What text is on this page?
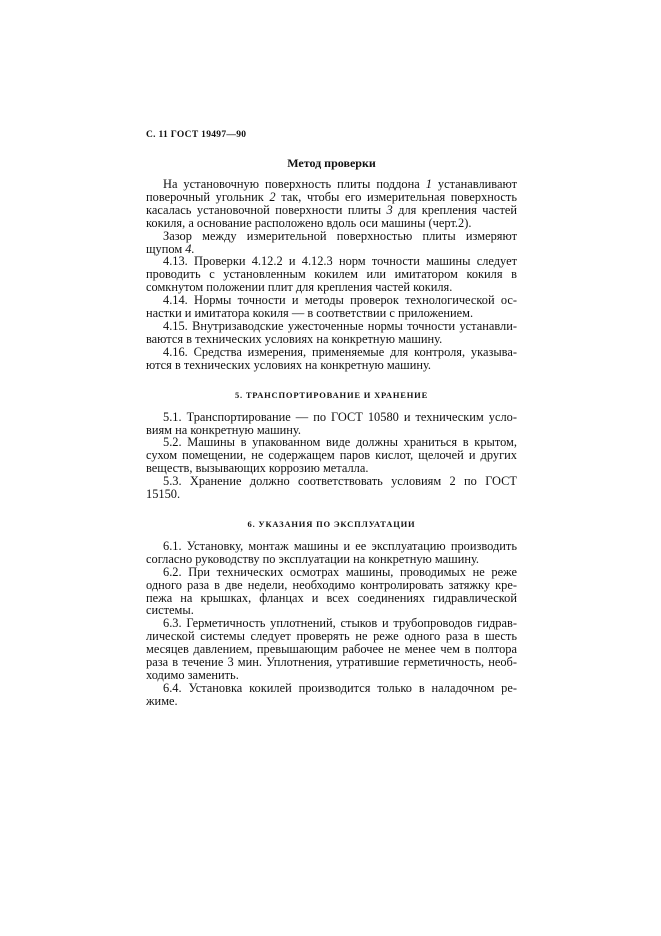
С. 11 ГОСТ 19497—90
Метод проверки

На установочную поверхность плиты поддона 1 устанавливают поверочный угольник 2 так, чтобы его измерительная поверхность касалась установочной поверхности плиты 3 для крепления частей кокиля, а основание расположено вдоль оси машины (черт.2).

Зазор между измерительной поверхностью плиты измеряют щупом 4.

4.13. Проверки 4.12.2 и 4.12.3 норм точности машины следует проводить с установленным кокилем или имитатором кокиля в сомкнутом положении плит для крепления частей кокиля.

4.14. Нормы точности и методы проверок технологической оснастки и имитатора кокиля — в соответствии с приложением.

4.15. Внутризаводские ужесточенные нормы точности устанавливаются в технических условиях на конкретную машину.

4.16. Средства измерения, применяемые для контроля, указываются в технических условиях на конкретную машину.

5. ТРАНСПОРТИРОВАНИЕ И ХРАНЕНИЕ

5.1. Транспортирование — по ГОСТ 10580 и техническим условиям на конкретную машину.

5.2. Машины в упакованном виде должны храниться в крытом, сухом помещении, не содержащем паров кислот, щелочей и других веществ, вызывающих коррозию металла.

5.3. Хранение должно соответствовать условиям 2 по ГОСТ 15150.

6. УКАЗАНИЯ ПО ЭКСПЛУАТАЦИИ

6.1. Установку, монтаж машины и ее эксплуатацию производить согласно руководству по эксплуатации на конкретную машину.

6.2. При технических осмотрах машины, проводимых не реже одного раза в две недели, необходимо контролировать затяжку крепежа на крышках, фланцах и всех соединениях гидравлической системы.

6.3. Герметичность уплотнений, стыков и трубопроводов гидравлической системы следует проверять не реже одного раза в шесть месяцев давлением, превышающим рабочее не менее чем в полтора раза в течение 3 мин. Уплотнения, утратившие герметичность, необходимо заменить.

6.4. Установка кокилей производится только в наладочном режиме.
